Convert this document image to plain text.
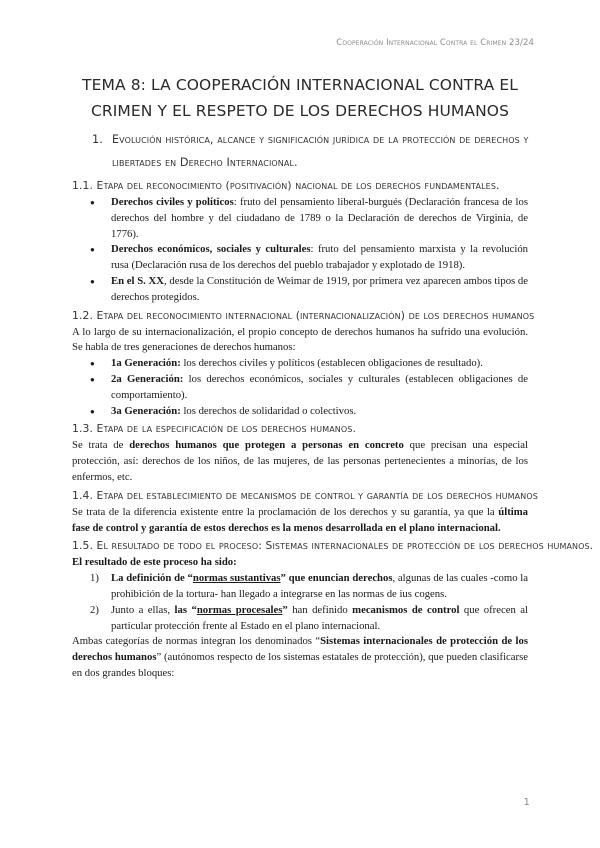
Cooperación Internacional Contra el Crimen 23/24
TEMA 8: LA COOPERACIÓN INTERNACIONAL CONTRA EL CRIMEN Y EL RESPETO DE LOS DERECHOS HUMANOS
1. Evolución histórica, alcance y significación jurídica de la protección de derechos y libertades en Derecho Internacional.
1.1. Etapa del reconocimiento (positivación) nacional de los derechos fundamentales.
● Derechos civiles y políticos: fruto del pensamiento liberal-burgués (Declaración francesa de los derechos del hombre y del ciudadano de 1789 o la Declaración de derechos de Virginia, de 1776).
● Derechos económicos, sociales y culturales: fruto del pensamiento marxista y la revolución rusa (Declaración rusa de los derechos del pueblo trabajador y explotado de 1918).
● En el S. XX, desde la Constitución de Weimar de 1919, por primera vez aparecen ambos tipos de derechos protegidos.
1.2. Etapa del reconocimiento internacional (internacionalización) de los derechos humanos

A lo largo de su internacionalización, el propio concepto de derechos humanos ha sufrido una evolución. Se habla de tres generaciones de derechos humanos:

● 1a Generación: los derechos civiles y políticos (establecen obligaciones de resultado).
● 2a Generación: los derechos económicos, sociales y culturales (establecen obligaciones de comportamiento).
● 3a Generación: los derechos de solidaridad o colectivos.
1.3. Etapa de la especificación de los derechos humanos.

Se trata de derechos humanos que protegen a personas en concreto que precisan una especial protección, así: derechos de los niños, de las mujeres, de las personas pertenecientes a minorías, de los enfermos, etc.

1.4. Etapa del establecimiento de mecanismos de control y garantía de los derechos humanos

Se trata de la diferencia existente entre la proclamación de los derechos y su garantía, ya que la última fase de control y garantía de estos derechos es la menos desarrollada en el plano internacional.

1.5. El resultado de todo el proceso: Sistemas internacionales de protección de los derechos humanos.

El resultado de este proceso ha sido:

1) La definición de “normas sustantivas” que enuncian derechos, algunas de las cuales -como la prohibición de la tortura- han llegado a integrarse en las normas de ius cogens.
2) Junto a ellas, las “normas procesales” han definido mecanismos de control que ofrecen al particular protección frente al Estado en el plano internacional.

Ambas categorías de normas integran los denominados “Sistemas internacionales de protección de los derechos humanos” (autónomos respecto de los sistemas estatales de protección), que pueden clasificarse en dos grandes bloques:

1
